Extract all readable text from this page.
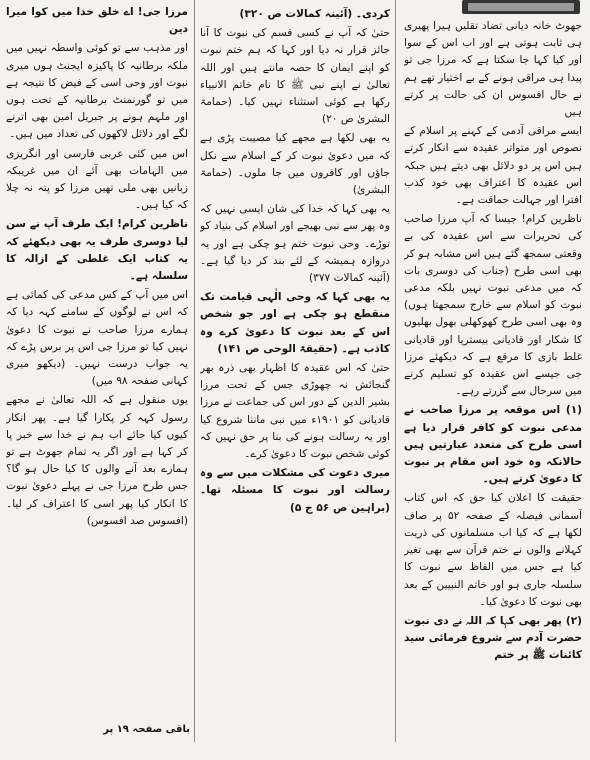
جھوٹ خانہ دیانی تضاد تقلیں ہیرا پھیری ہی ثابت ہوتی ہے اور اب اس کے سوا اور کیا کہا جا سکتا ہے کہ مرزا جی تو پیدا ہی مراقی ہونے کے بے اختیار تھے ہم نے حال افسوس ان کی حالت پر کرتے ہیں

ایسے مراقی آدمی کے کہنے پر اسلام کے نصوص اور متواتر عقیدہ سے انکار کرتے ہیں اس پر دو دلائل بھی دیتے ہیں جبکہ اس عقیدہ کا اعتراف بھی خود کذب افترا اور جہالت حماقت ہے۔

ناظرین کرام! جیسا کہ آپ مرزا صاحب کی تحریرات سے اس عقیدہ کی بے وقعتی سمجھ گئے ہیں اس مشابہ ہو کر بھی اسی طرح (جناب کی دوسری بات کہ میں مدعی نبوت نہیں بلکہ مدعی نبوت کو اسلام سے خارج سمجھتا ہوں) وہ بھی اسی طرح کھوکھلی بھول بھلیوں کا شکار اور قادیانی بیستریا اور قادیانی غلط بازی کا مرقع ہے کہ دیکھئے مرزا جی جیسے اس عقیدہ کو تسلیم کرنے میں سرحال سے گزرتے رہے۔

(۱) اس موقعہ پر مرزا صاحب نے مدعی نبوت کو کافر قرار دیا ہے اسی طرح کی متعدد عبارتیں ہیں حالانکہ وہ خود اس مقام پر نبوت کا دعویٰ کرتے ہیں۔

حقیقت کا اعلان کیا حق کہ اس کتاب آسمانی فیصلہ کے صفحہ ۵۲ پر صاف لکھا ہے کہ کیا اب مسلمانوں کی ذریت کہلانے والوں نے ختم قرآن سے بھی تغیر کیا ہے جس میں الفاظ سے نبوت کا سلسلہ جاری ہو اور خاتم النبیین کے بعد بھی نبوت کا دعویٰ کیا۔

(۲) پھر بھی کہا کہ اللہ نے دی نبوت حضرت آدم سے شروع فرمائی سید کائنات ﷺ پر ختم

کردی۔ (آئینہ کمالات ص ۳۲۰)

حتیٰ کہ آپ نے کسی قسم کی نبوت کا آنا جائز قرار نہ دیا اور کہا کہ ہم ختم نبوت کو اپنے ایمان کا حصہ مانتے ہیں اور اللہ تعالیٰ نے اپنے نبی ﷺ کا نام خاتم الانبیاء رکھا ہے کوئی استثناء نہیں کیا۔ (حمامۃ البشریٰ ص ۲۰)

یہ بھی لکھا ہے مجھے کیا مصیبت پڑی ہے کہ میں دعویٰ نبوت کر کے اسلام سے نکل جاؤں اور کافروں میں جا ملوں۔ (حمامۃ البشریٰ)

یہ بھی کہا کہ خدا کی شان ایسی نہیں کہ وہ پھر سے نبی بھیجے اور اسلام کی بنیاد کو توڑے۔ وحی نبوت ختم ہو چکی ہے اور یہ دروازہ ہمیشہ کے لئے بند کر دیا گیا ہے۔ (آئینہ کمالات ۳۷۷)

یہ بھی کہا کہ وحی الٰہی قیامت تک منقطع ہو چکی ہے اور جو شخص اس کے بعد نبوت کا دعویٰ کرے وہ کاذب ہے۔ (حقیقۃ الوحی ص ۱۴۱)

حتیٰ کہ اس عقیدہ کا اظہار بھی ذرہ بھر گنجائش نہ چھوڑی جس کے تحت مرزا بشیر الدین کے دور اس کی جماعت نے مرزا قادیانی کو ۱۹۰۱ء میں نبی ماننا شروع کیا اور یہ رسالت ہونے کی بنا پر حق نہیں کہ کوئی شخص نبوت کا دعویٰ کرے۔

میری دعوت کی مشکلات میں سے وہ رسالت اور نبوت کا مسئلہ تھا۔ (براہین ص ۵۶ ج ۵)

مرزا جی! اے خلق خدا میں کوا میرا دین

اور مذہب سے تو کوئی واسطہ نہیں میں ملکہ برطانیہ کا پاکیزہ ایجنٹ ہوں میری نبوت اور وحی اسی کے فیض کا نتیجہ ہے میں تو گورنمنٹ برطانیہ کے تحت ہوں اور ملہم ہونے پر جبریل امین بھی اترنے لگے اور دلائل لاکھوں کی تعداد میں ہیں۔

اس میں کئی عربی فارسی اور انگریزی میں الہامات بھی آئے ان میں غریبکہ زبانیں بھی ملی تھیں مرزا کو پتہ نہ چلا کہ کیا ہیں۔

ناظرین کرام! ایک طرف آپ نے سن لیا دوسری طرف یہ بھی دیکھئے کہ یہ کتاب ایک غلطی کے ازالہ کا سلسلہ ہے۔

اس میں آپ کے کس مدعی کی کمائی ہے کہ اس نے لوگوں کے سامنے کہہ دیا کہ ہمارے مرزا صاحب نے نبوت کا دعویٰ نہیں کیا تو مرزا جی اس پر برس پڑے کہ یہ جواب درست نہیں۔ (دیکھو میری کہانی صفحہ ۹۸ میں)

یوں منقول ہے کہ اللہ تعالیٰ نے مجھے رسول کہہ کر پکارا گیا ہے۔ پھر انکار کیوں کیا جائے اب ہم نے خدا سے خبر پا کر کہا ہے اور اگر یہ تمام جھوٹ ہے تو ہمارے بعد آنے والوں کا کیا حال ہو گا؟ جس طرح مرزا جی نے پہلے دعویٰ نبوت کا انکار کیا پھر اسی کا اعتراف کر لیا۔ (افسوس صد افسوس)

باقی صفحہ ۱۹ پر
